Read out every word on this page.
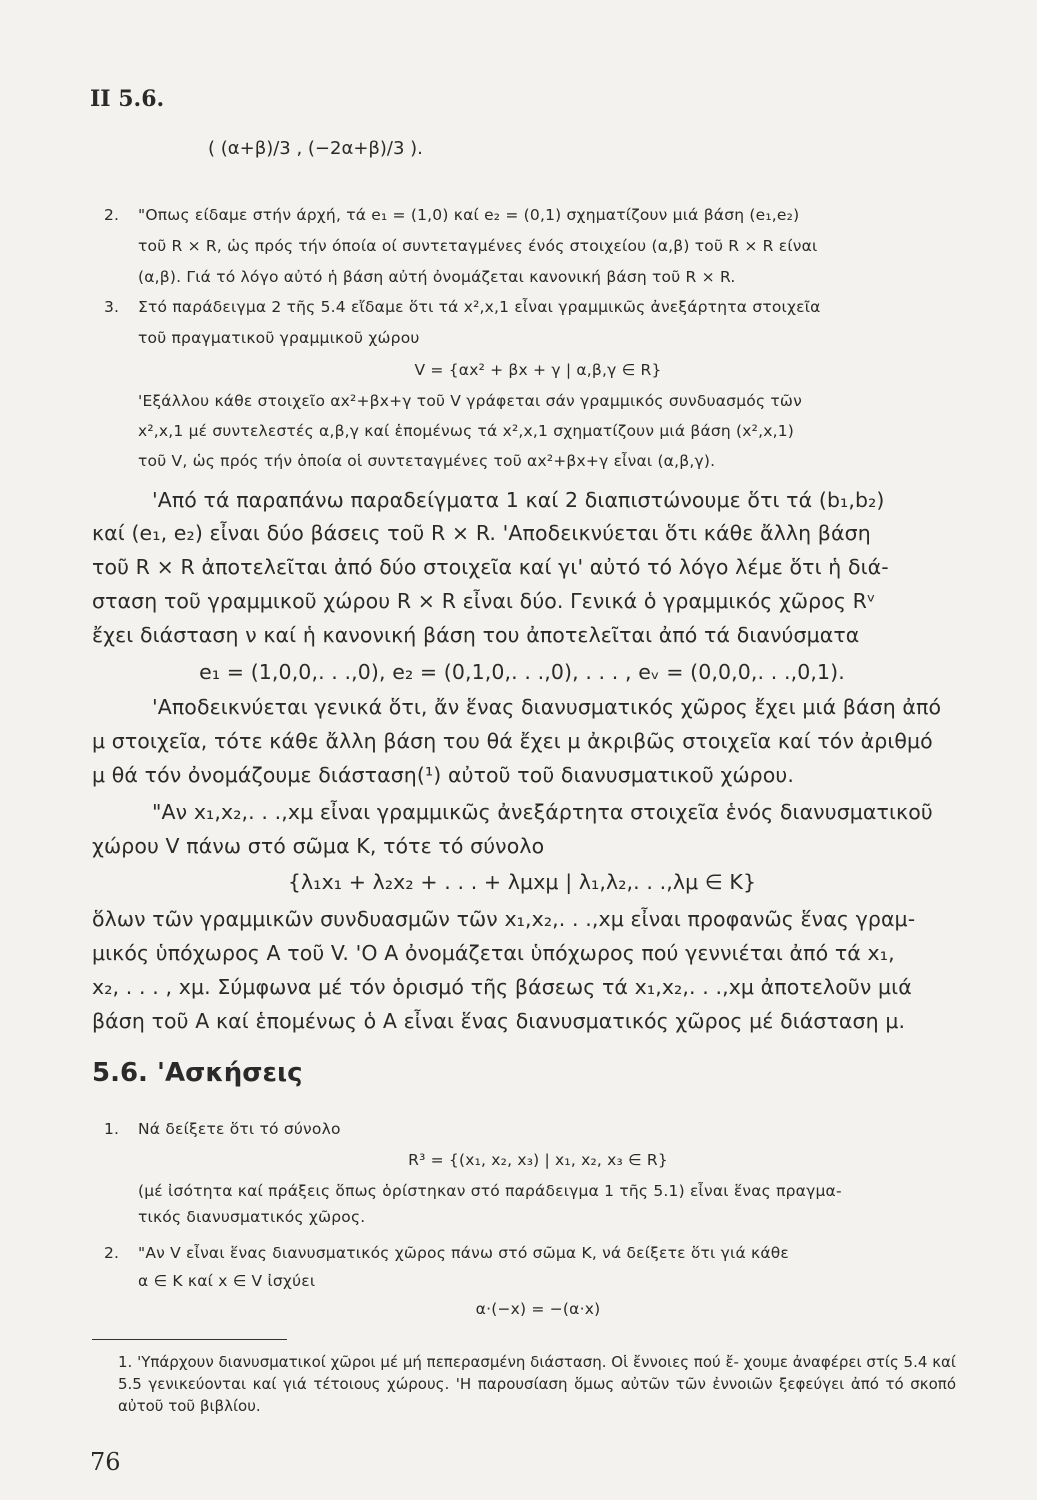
II 5.6.
( (α+β)/3 , (−2α+β)/3 ).
2. "Οπως είδαμε στήν άρχή, τά e₁ = (1,0) καί e₂ = (0,1) σχηματίζουν μιά βάση (e₁,e₂)
τοῦ R × R, ὡς πρός τήν όποία οί συντεταγμένες ένός στοιχείου (α,β) τοῦ R × R είναι
(α,β). Γιά τό λόγο αὐτό ἡ βάση αὐτή ὀνομάζεται κανονική βάση τοῦ R × R.
3. Στό παράδειγμα 2 τῆς 5.4 εἴδαμε ὅτι τά x²,x,1 εἶναι γραμμικῶς ἀνεξάρτητα στοιχεῖα
τοῦ πραγματικοῦ γραμμικοῦ χώρου
V = {αx² + βx + γ | α,β,γ ∈ R}
'Εξάλλου κάθε στοιχεῖο αx²+βx+γ τοῦ V γράφεται σάν γραμμικός συνδυασμός τῶν
x²,x,1 μέ συντελεστές α,β,γ καί ἑπομένως τά x²,x,1 σχηματίζουν μιά βάση (x²,x,1)
τοῦ V, ὡς πρός τήν ὁποία οἱ συντεταγμένες τοῦ αx²+βx+γ εἶναι (α,β,γ).
'Από τά παραπάνω παραδείγματα 1 καί 2 διαπιστώνουμε ὅτι τά (b₁,b₂)
καί (e₁, e₂) εἶναι δύο βάσεις τοῦ R × R. 'Αποδεικνύεται ὅτι κάθε ἄλλη βάση
τοῦ R × R ἀποτελεῖται ἀπό δύο στοιχεῖα καί γι' αὐτό τό λόγο λέμε ὅτι ἡ διά-
σταση τοῦ γραμμικοῦ χώρου R × R εἶναι δύο. Γενικά ὁ γραμμικός χῶρος Rᵛ
ἔχει διάσταση ν καί ἡ κανονική βάση του ἀποτελεῖται ἀπό τά διανύσματα
e₁ = (1,0,0,. . .,0), e₂ = (0,1,0,. . .,0), . . . , eᵥ = (0,0,0,. . .,0,1).
'Αποδεικνύεται γενικά ὅτι, ἄν ἕνας διανυσματικός χῶρος ἔχει μιά βάση ἀπό
μ στοιχεῖα, τότε κάθε ἄλλη βάση του θά ἔχει μ ἀκριβῶς στοιχεῖα καί τόν ἀριθμό
μ θά τόν ὀνομάζουμε διάσταση(¹) αὐτοῦ τοῦ διανυσματικοῦ χώρου.
"Αν x₁,x₂,. . .,xμ εἶναι γραμμικῶς ἀνεξάρτητα στοιχεῖα ἑνός διανυσματικοῦ
χώρου V πάνω στό σῶμα K, τότε τό σύνολο
{λ₁x₁ + λ₂x₂ + . . . + λμxμ | λ₁,λ₂,. . .,λμ ∈ K}
ὅλων τῶν γραμμικῶν συνδυασμῶν τῶν x₁,x₂,. . .,xμ εἶναι προφανῶς ἕνας γραμ-
μικός ὑπόχωρος A τοῦ V. 'Ο A ὀνομάζεται ὑπόχωρος πού γεννιέται ἀπό τά x₁,
x₂, . . . , xμ. Σύμφωνα μέ τόν ὁρισμό τῆς βάσεως τά x₁,x₂,. . .,xμ ἀποτελοῦν μιά
βάση τοῦ A καί ἑπομένως ὁ A εἶναι ἕνας διανυσματικός χῶρος μέ διάσταση μ.
5.6. 'Ασκήσεις
1. Νά δείξετε ὅτι τό σύνολο
R³ = {(x₁, x₂, x₃) | x₁, x₂, x₃ ∈ R}
(μέ ἰσότητα καί πράξεις ὅπως ὁρίστηκαν στό παράδειγμα 1 τῆς 5.1) εἶναι ἕνας πραγμα-
τικός διανυσματικός χῶρος.
2. "Αν V εἶναι ἕνας διανυσματικός χῶρος πάνω στό σῶμα K, νά δείξετε ὅτι γιά κάθε
α ∈ K καί x ∈ V ἰσχύει
α·(−x) = −(α·x)
1. 'Υπάρχουν διανυσματικοί χῶροι μέ μή πεπερασμένη διάσταση. Οἱ ἔννοιες πού ἔ- χουμε ἀναφέρει στίς 5.4 καί 5.5 γενικεύονται καί γιά τέτοιους χώρους. 'Η παρουσίαση ὅμως αὐτῶν τῶν ἐννοιῶν ξεφεύγει ἀπό τό σκοπό αὐτοῦ τοῦ βιβλίου.
76
